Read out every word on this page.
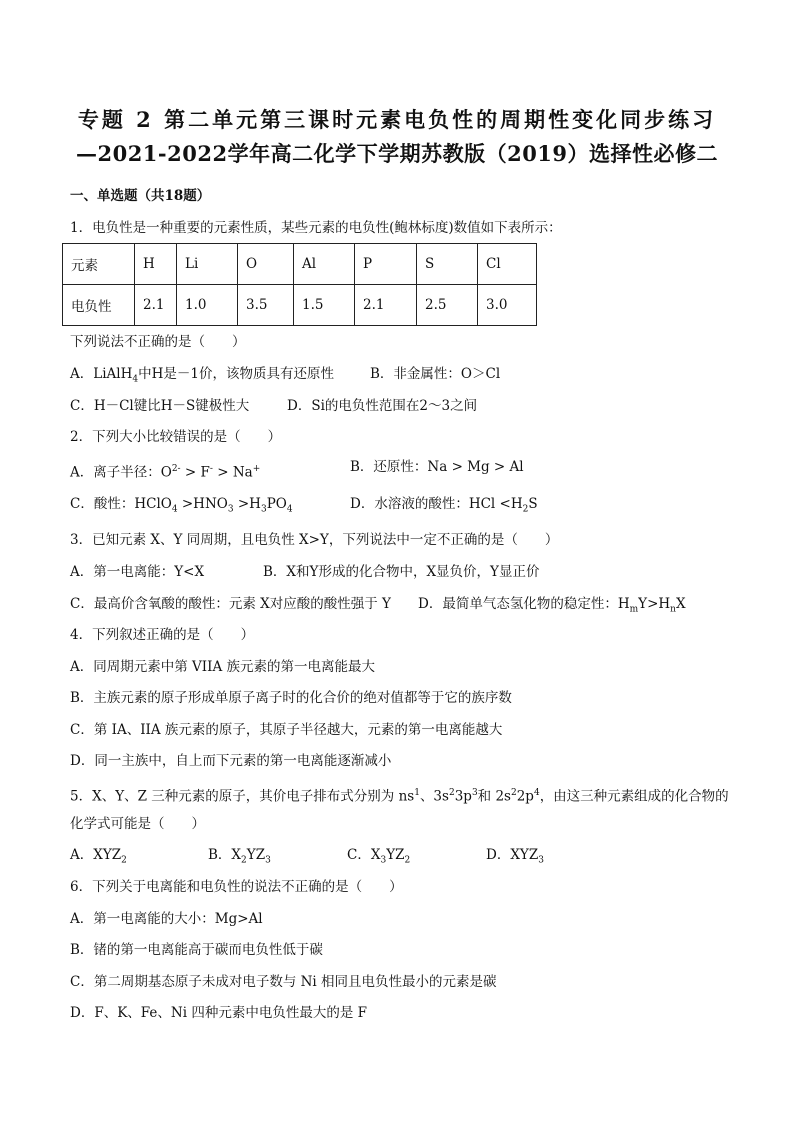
专题 2 第二单元第三课时元素电负性的周期性变化同步练习
—2021-2022学年高二化学下学期苏教版（2019）选择性必修二
一、单选题（共18题）
1．电负性是一种重要的元素性质，某些元素的电负性(鲍林标度)数值如下表所示：
元素	H	Li	O	Al	P	S	Cl
电负性	2.1	1.0	3.5	1.5	2.1	2.5	3.0
下列说法不正确的是（　　）
A．LiAlH$_4$中H是－1价，该物质具有还原性	B．非金属性：O＞Cl
C．H－Cl键比H－S键极性大	D．Si的电负性范围在2～3之间
2．下列大小比较错误的是（　　）
A．离子半径：$O^{2-} > F^- > Na^+$	B．还原性：Na > Mg > Al
C．酸性：HClO$_4$ $>HNO_3 >H_3PO_4$	D．水溶液的酸性：HCl $<H_2S$
3．已知元素 X、Y 同周期，且电负性 X>Y，下列说法中一定不正确的是（　　）
A．第一电离能：Y<X	B．X和Y形成的化合物中，X显负价，Y显正价
C．最高价含氧酸的酸性：元素 X对应酸的酸性强于 Y D．最简单气态氢化物的稳定性：$H_mY>H_nX$
4．下列叙述正确的是（　　）
A．同周期元素中第 VIIA 族元素的第一电离能最大
B．主族元素的原子形成单原子离子时的化合价的绝对值都等于它的族序数
C．第 IA、IIA 族元素的原子，其原子半径越大，元素的第一电离能越大
D．同一主族中，自上而下元素的第一电离能逐渐减小
5．X、Y、Z 三种元素的原子，其价电子排布式分别为 $ns^1$、$3s^23p^3$和 $2s^22p^4$，由这三种元素组成的化合物的
化学式可能是（　　）
A．$XYZ_2$	B．$X_2YZ_3$	C．$X_3YZ_2$	D．$XYZ_3$
6．下列关于电离能和电负性的说法不正确的是（　　）
A．第一电离能的大小：Mg>Al
B．锗的第一电离能高于碳而电负性低于碳
C．第二周期基态原子未成对电子数与 Ni 相同且电负性最小的元素是碳
D．F、K、Fe、Ni 四种元素中电负性最大的是 F
